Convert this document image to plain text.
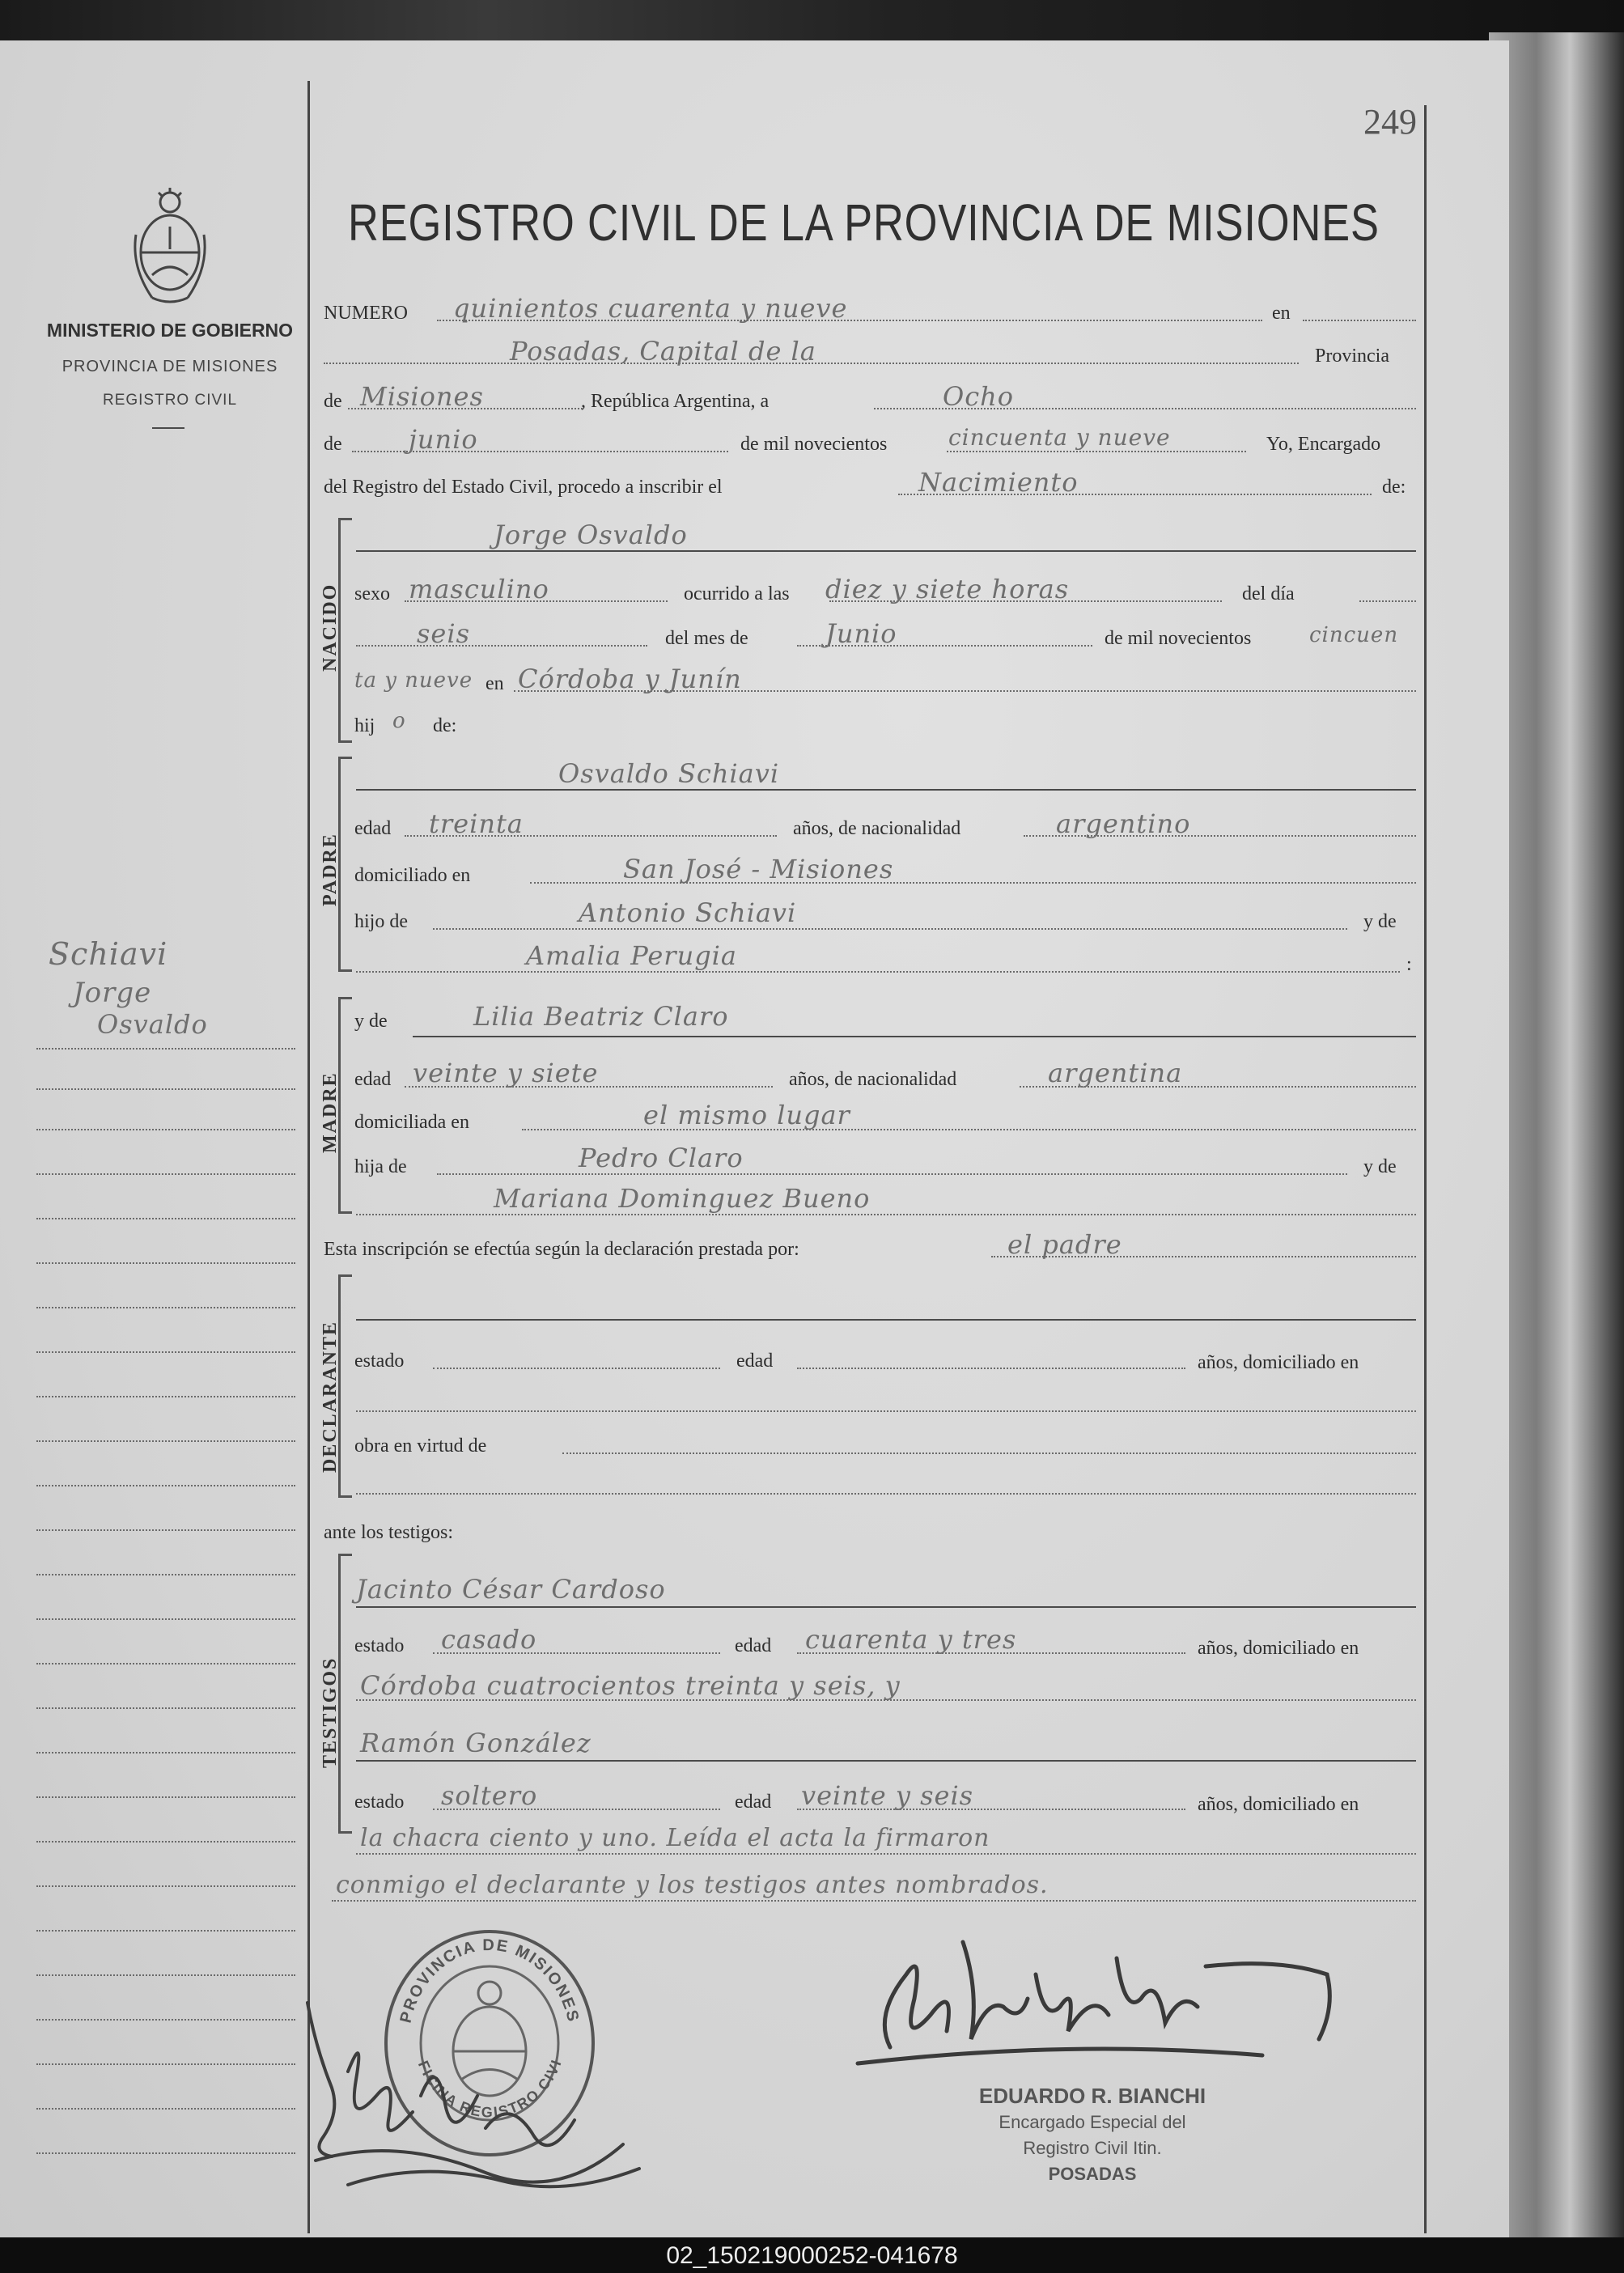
249
MINISTERIO DE GOBIERNO
PROVINCIA DE MISIONES
REGISTRO CIVIL
Schiavi
Jorge
Osvaldo
REGISTRO CIVIL DE LA PROVINCIA DE MISIONES
NUMERO quinientos cuarenta y nueve	en
Posadas, Capital de la	Provincia
de Misiones	, República Argentina, a	Ocho
de	junio	de mil novecientos	cincuenta y nueve	Yo, Encargado
del Registro del Estado Civil, procedo a inscribir el	Nacimiento	de:
NACIDO
Jorge Osvaldo
sexo masculino	ocurrido a las diez y siete horas	del día
seis	del mes de	Junio	de mil novecientos	cincuen
ta y nueve en Córdoba y Junín
hij o de:
PADRE
Osvaldo Schiavi
edad treinta	años, de nacionalidad	argentino
domiciliado en	San José - Misiones
hijo de	Antonio Schiavi	y de
Amalia Perugia	:
MADRE
y de	Lilia Beatriz Claro
edad veinte y siete	años, de nacionalidad	argentina
domiciliada en	el mismo lugar
hija de	Pedro Claro	y de
Mariana Dominguez Bueno
Esta inscripción se efectúa según la declaración prestada por:	el padre
DECLARANTE estado	edad	años, domiciliado en
obra en virtud de
ante los testigos:
TESTIGOS
Jacinto César Cardoso
estado casado	edad cuarenta y tres	años, domiciliado en
Córdoba cuatrocientos treinta y seis, y
Ramón González
estado soltero	edad veinte y seis	años, domiciliado en
la chacra ciento y uno. Leída el acta la firmaron
conmigo el declarante y los testigos antes nombrados.
PROVINCIA DE MISIONES
FICINA REGISTRO CIVI
EDUARDO R. BIANCHI
Encargado Especial del
Registro Civil Itin.
POSADAS
02_150219000252-041678
